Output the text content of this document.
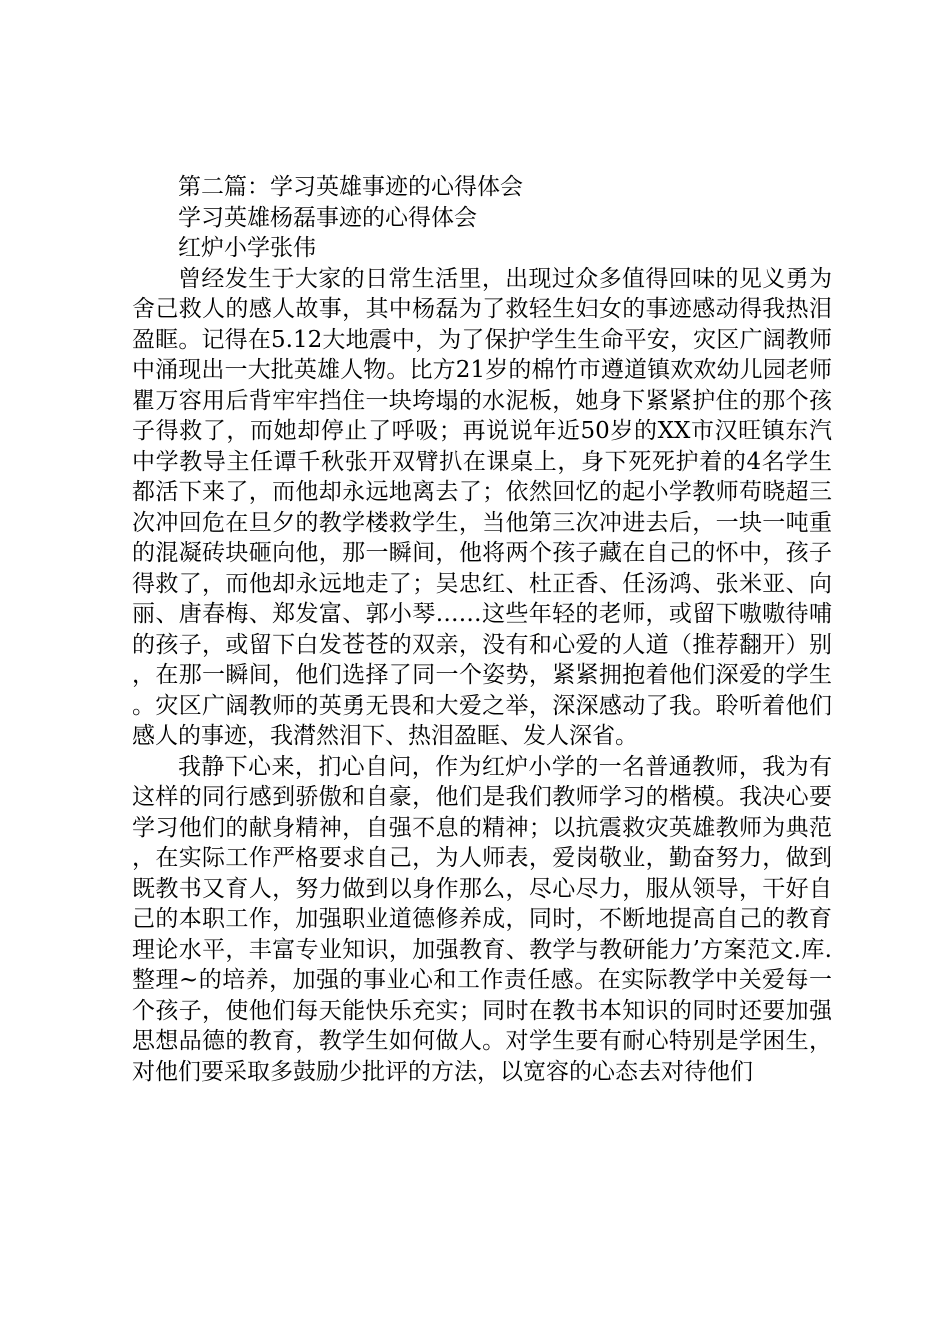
第二篇：学习英雄事迹的心得体会
学习英雄杨磊事迹的心得体会
红炉小学张伟

曾经发生于大家的日常生活里，出现过众多值得回味的见义勇为舍己救人的感人故事，其中杨磊为了救轻生妇女的事迹感动得我热泪盈眶。记得在5.12大地震中，为了保护学生生命平安，灾区广阔教师中涌现出一大批英雄人物。比方21岁的棉竹市遵道镇欢欢幼儿园老师瞿万容用后背牢牢挡住一块垮塌的水泥板，她身下紧紧护住的那个孩子得救了，而她却停止了呼吸；再说说年近50岁的XX市汉旺镇东汽中学教导主任谭千秋张开双臂扒在课桌上，身下死死护着的4名学生都活下来了，而他却永远地离去了；依然回忆的起小学教师苟晓超三次冲回危在旦夕的教学楼救学生，当他第三次冲进去后，一块一吨重的混凝砖块砸向他，那一瞬间，他将两个孩子藏在自己的怀中，孩子得救了，而他却永远地走了；吴忠红、杜正香、任汤鸿、张米亚、向丽、唐春梅、郑发富、郭小琴……这些年轻的老师，或留下嗷嗷待哺的孩子，或留下白发苍苍的双亲，没有和心爱的人道（推荐翻开）别，在那一瞬间，他们选择了同一个姿势，紧紧拥抱着他们深爱的学生。灾区广阔教师的英勇无畏和大爱之举，深深感动了我。聆听着他们感人的事迹，我潸然泪下、热泪盈眶、发人深省。

我静下心来，扪心自问，作为红炉小学的一名普通教师，我为有这样的同行感到骄傲和自豪，他们是我们教师学习的楷模。我决心要学习他们的献身精神，自强不息的精神；以抗震救灾英雄教师为典范，在实际工作严格要求自己，为人师表，爱岗敬业，勤奋努力，做到既教书又育人，努力做到以身作那么，尽心尽力，服从领导，干好自己的本职工作，加强职业道德修养成，同时，不断地提高自己的教育理论水平，丰富专业知识，加强教育、教学与教研能力’方案范文.库.整理~的培养，加强的事业心和工作责任感。在实际教学中关爱每一个孩子，使他们每天能快乐充实；同时在教书本知识的同时还要加强思想品德的教育，教学生如何做人。对学生要有耐心特别是学困生，对他们要采取多鼓励少批评的方法，以宽容的心态去对待他们
